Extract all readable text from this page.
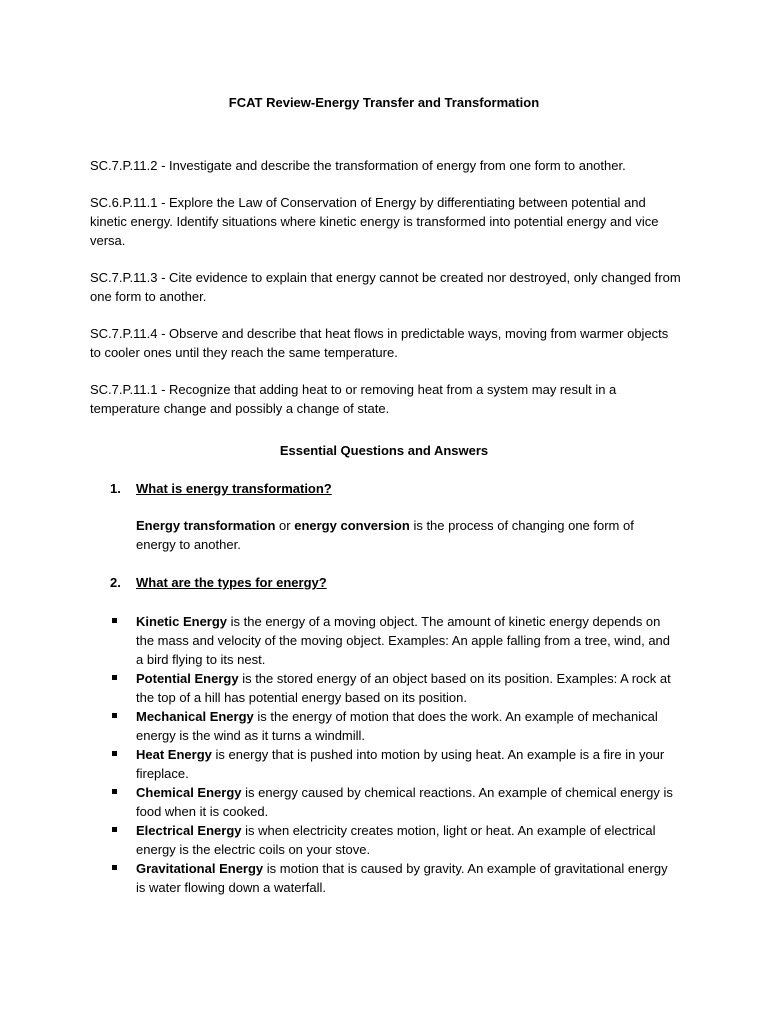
FCAT Review-Energy Transfer and Transformation

SC.7.P.11.2 - Investigate and describe the transformation of energy from one form to another.

SC.6.P.11.1 - Explore the Law of Conservation of Energy by differentiating between potential and kinetic energy. Identify situations where kinetic energy is transformed into potential energy and vice versa.

SC.7.P.11.3 - Cite evidence to explain that energy cannot be created nor destroyed, only changed from one form to another.

SC.7.P.11.4 - Observe and describe that heat flows in predictable ways, moving from warmer objects to cooler ones until they reach the same temperature.

SC.7.P.11.1 - Recognize that adding heat to or removing heat from a system may result in a temperature change and possibly a change of state.

Essential Questions and Answers
1. What is energy transformation?
Energy transformation or energy conversion is the process of changing one form of energy to another.
2. What are the types for energy?
Kinetic Energy is the energy of a moving object. The amount of kinetic energy depends on the mass and velocity of the moving object. Examples: An apple falling from a tree, wind, and a bird flying to its nest.
Potential Energy is the stored energy of an object based on its position. Examples: A rock at the top of a hill has potential energy based on its position.
Mechanical Energy is the energy of motion that does the work. An example of mechanical energy is the wind as it turns a windmill.
Heat Energy is energy that is pushed into motion by using heat. An example is a fire in your fireplace.
Chemical Energy is energy caused by chemical reactions. An example of chemical energy is food when it is cooked.
Electrical Energy is when electricity creates motion, light or heat. An example of electrical energy is the electric coils on your stove.
Gravitational Energy is motion that is caused by gravity. An example of gravitational energy is water flowing down a waterfall.
